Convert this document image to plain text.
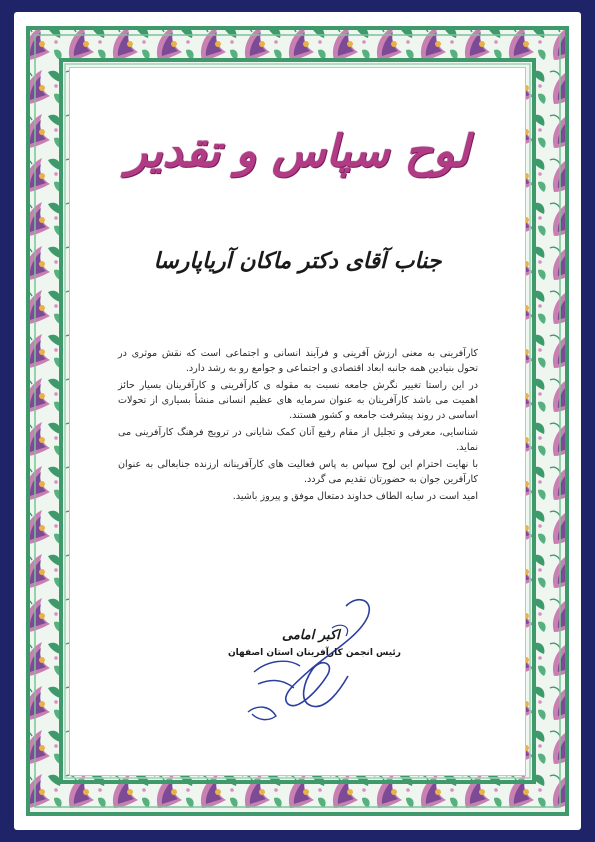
لوح سپاس و تقدیر
جناب آقای دکتر ماکان آریاپارسا

کارآفرینی به معنی ارزش آفرینی و فرآیند انسانی و اجتماعی است که نقش موثری در تحول بنیادین همه جانبه ابعاد اقتصادی و اجتماعی و جوامع رو به رشد دارد.

در این راستا تغییر نگرش جامعه نسبت به مقوله ی کارآفرینی و کارآفرینان بسیار حائز اهمیت می باشد کارآفرینان به عنوان سرمایه های عظیم انسانی منشأ بسیاری از تحولات اساسی در روند پیشرفت جامعه و کشور هستند.

شناسایی، معرفی و تجلیل از مقام رفیع آنان کمک شایانی در ترویج فرهنگ کارآفرینی می نماید.

با نهایت احترام این لوح سپاس به پاس فعالیت های کارآفرینانه ارزنده جنابعالی به عنوان کارآفرین جوان به حضورتان تقدیم می گردد.

امید است در سایه الطاف خداوند دمتعال موفق و پیروز باشید.

اکبر امامی
رئیس انجمن کارآفرینان استان اصفهان
